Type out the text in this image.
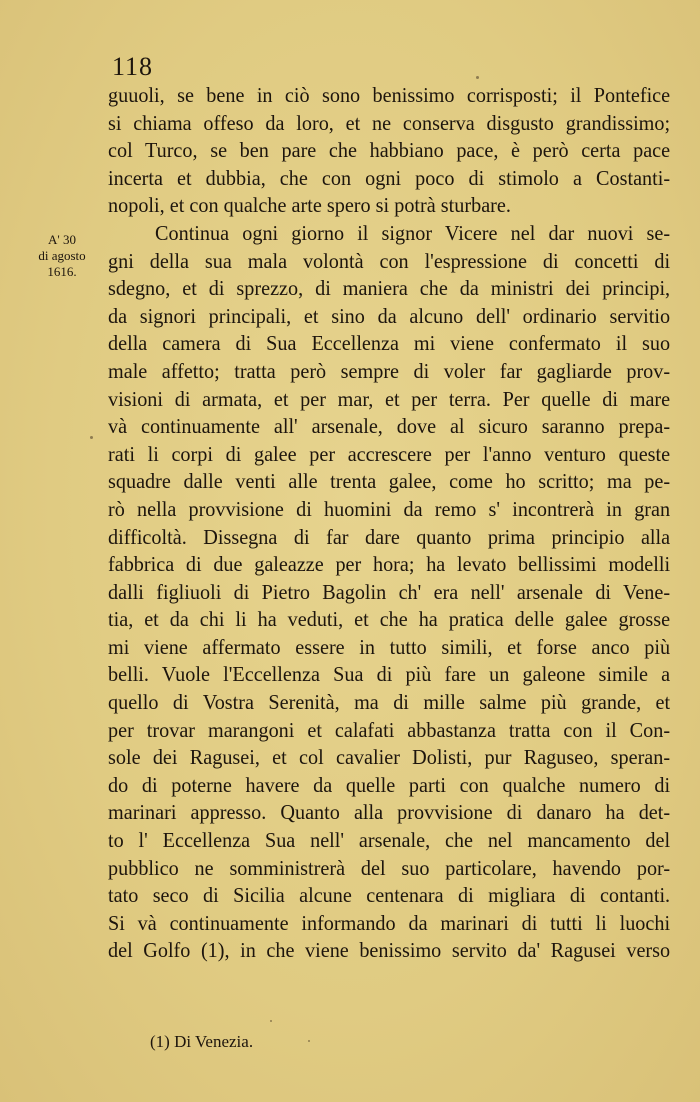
118
A' 30
di agosto
1616.
guuoli, se bene in ciò sono benissimo corrisposti; il Pontefice
si chiama offeso da loro, et ne conserva disgusto grandissimo;
col Turco, se ben pare che habbiano pace, è però certa pace
incerta et dubbia, che con ogni poco di stimolo a Costanti-
nopoli, et con qualche arte spero si potrà sturbare.
Continua ogni giorno il signor Vicere nel dar nuovi se-
gni della sua mala volontà con l'espressione di concetti di
sdegno, et di sprezzo, di maniera che da ministri dei principi,
da signori principali, et sino da alcuno dell' ordinario servitio
della camera di Sua Eccellenza mi viene confermato il suo
male affetto; tratta però sempre di voler far gagliarde prov-
visioni di armata, et per mar, et per terra. Per quelle di mare
và continuamente all' arsenale, dove al sicuro saranno prepa-
rati li corpi di galee per accrescere per l'anno venturo queste
squadre dalle venti alle trenta galee, come ho scritto; ma pe-
rò nella provvisione di huomini da remo s' incontrerà in gran
difficoltà. Dissegna di far dare quanto prima principio alla
fabbrica di due galeazze per hora; ha levato bellissimi modelli
dalli figliuoli di Pietro Bagolin ch' era nell' arsenale di Vene-
tia, et da chi li ha veduti, et che ha pratica delle galee grosse
mi viene affermato essere in tutto simili, et forse anco più
belli. Vuole l'Eccellenza Sua di più fare un galeone simile a
quello di Vostra Serenità, ma di mille salme più grande, et
per trovar marangoni et calafati abbastanza tratta con il Con-
sole dei Ragusei, et col cavalier Dolisti, pur Raguseo, speran-
do di poterne havere da quelle parti con qualche numero di
marinari appresso. Quanto alla provvisione di danaro ha det-
to l' Eccellenza Sua nell' arsenale, che nel mancamento del
pubblico ne somministrerà del suo particolare, havendo por-
tato seco di Sicilia alcune centenara di migliara di contanti.
Si và continuamente informando da marinari di tutti li luochi
del Golfo (1), in che viene benissimo servito da' Ragusei verso
(1) Di Venezia.
